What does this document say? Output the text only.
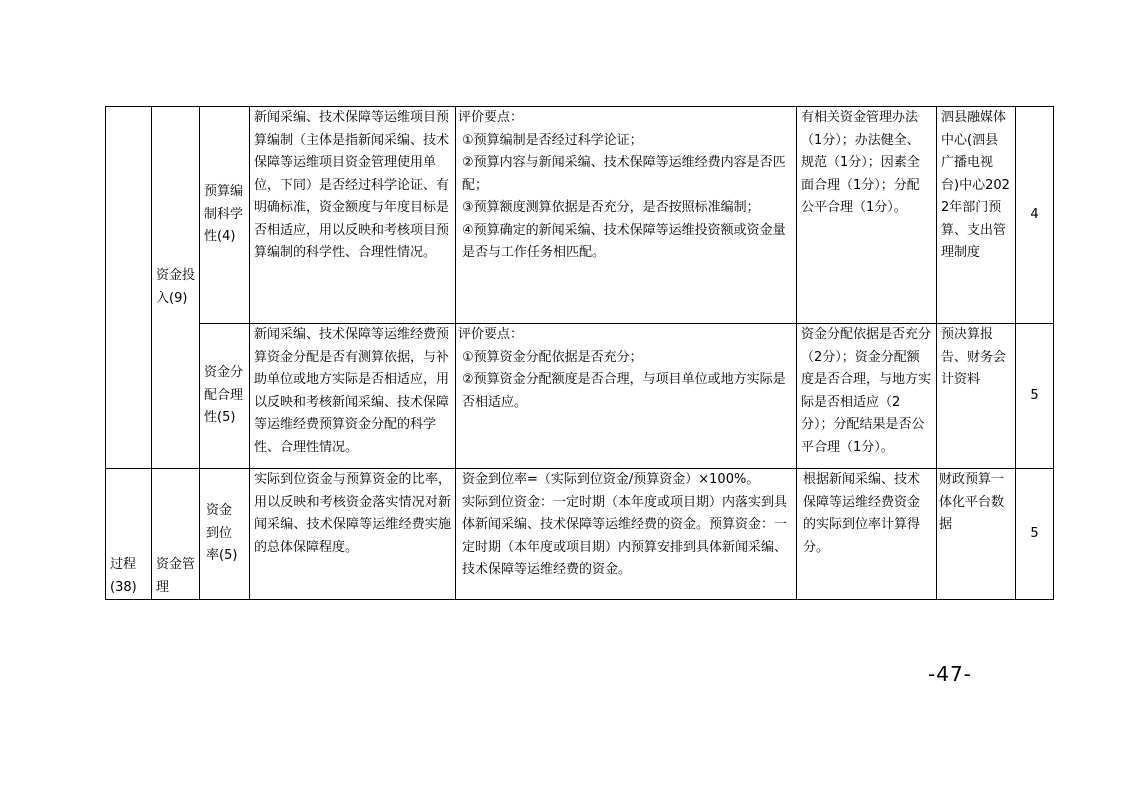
	资金投入(9)	预算编制科学性(4)	新闻采编、技术保障等运维项目预算编制（主体是指新闻采编、技术保障等运维项目资金管理使用单位，下同）是否经过科学论证、有明确标准，资金额度与年度目标是否相适应，用以反映和考核项目预算编制的科学性、合理性情况。	评价要点：
①预算编制是否经过科学论证；
②预算内容与新闻采编、技术保障等运维经费内容是否匹配；
③预算额度测算依据是否充分，是否按照标准编制；
④预算确定的新闻采编、技术保障等运维投资额或资金量是否与工作任务相匹配。	有相关资金管理办法（1分）；办法健全、规范（1分）；因素全面合理（1分）；分配公平合理（1分）。	泗县融媒体中心(泗县广播电视台)中心2022年部门预算、支出管理制度	4
		资金分配合理性(5)	新闻采编、技术保障等运维经费预算资金分配是否有测算依据，与补助单位或地方实际是否相适应，用以反映和考核新闻采编、技术保障等运维经费预算资金分配的科学性、合理性情况。	评价要点：
①预算资金分配依据是否充分；
②预算资金分配额度是否合理，与项目单位或地方实际是否相适应。	资金分配依据是否充分（2分）；资金分配额度是否合理，与地方实际是否相适应（2分）；分配结果是否公平合理（1分）。	预决算报告、财务会计资料	5
过程(38)	资金管理	资金到位率(5)	实际到位资金与预算资金的比率，用以反映和考核资金落实情况对新闻采编、技术保障等运维经费实施的总体保障程度。	资金到位率=（实际到位资金/预算资金）×100%。
实际到位资金：一定时期（本年度或项目期）内落实到具体新闻采编、技术保障等运维经费的资金。预算资金：一定时期（本年度或项目期）内预算安排到具体新闻采编、技术保障等运维经费的资金。	根据新闻采编、技术保障等运维经费资金的实际到位率计算得分。	财政预算一体化平台数据	5
-47-
